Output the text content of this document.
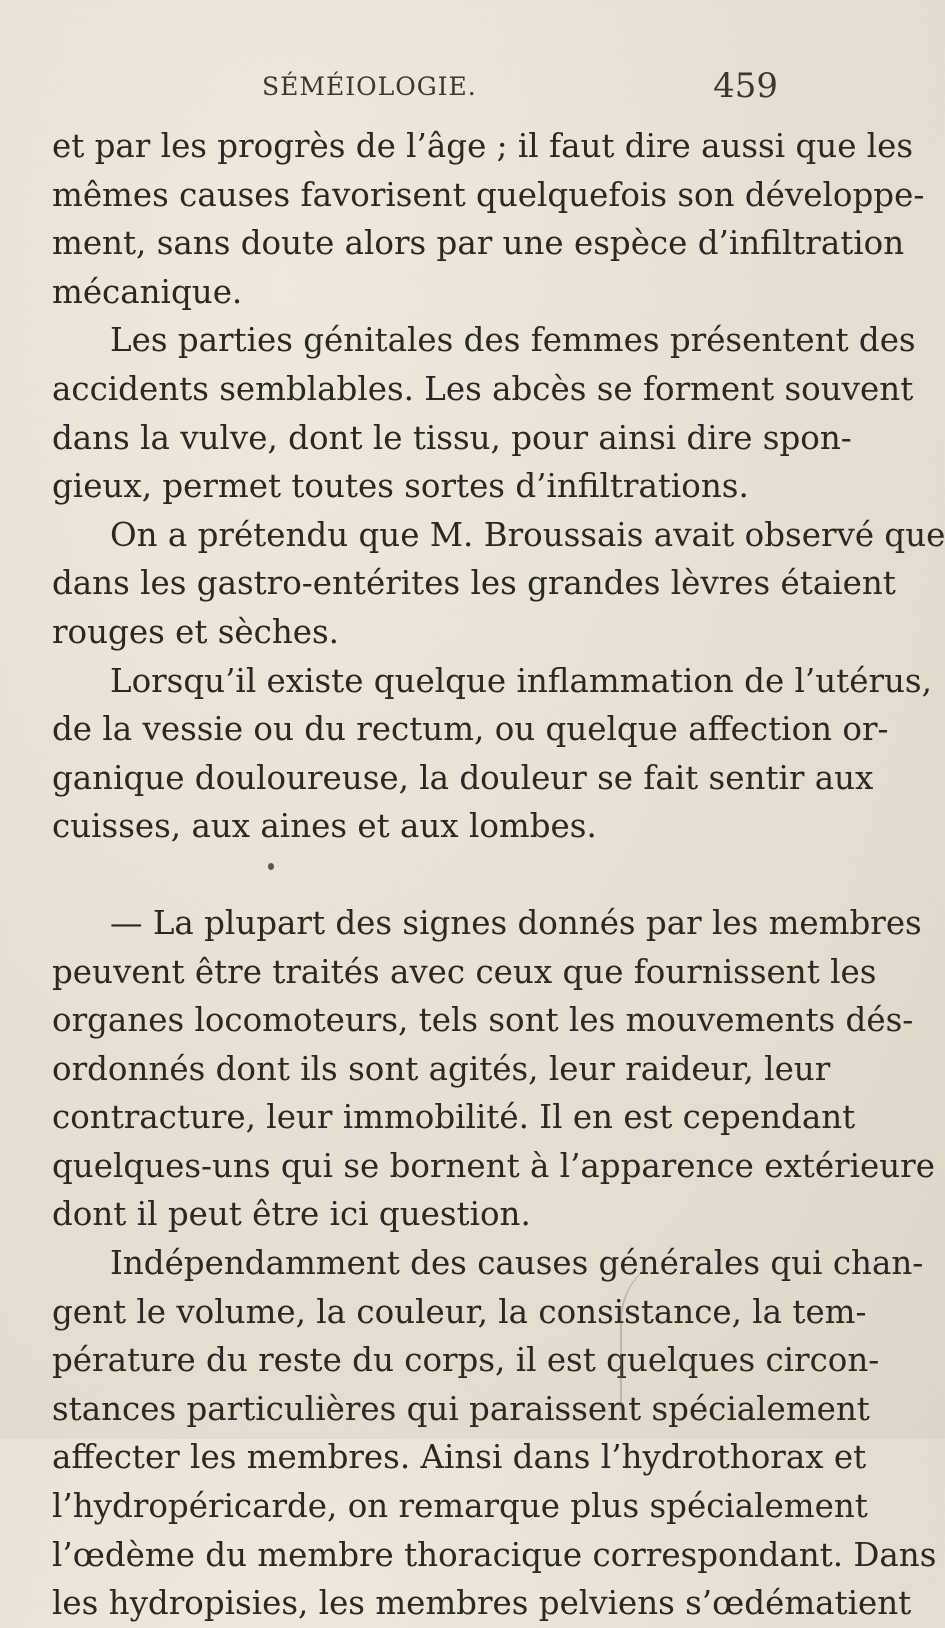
SÉMÉIOLOGIE.	459
et par les progrès de l’âge ; il faut dire aussi que les
mêmes causes favorisent quelquefois son développe-
ment, sans doute alors par une espèce d’infiltration
mécanique.
Les parties génitales des femmes présentent des
accidents semblables. Les abcès se forment souvent
dans la vulve, dont le tissu, pour ainsi dire spon-
gieux, permet toutes sortes d’infiltrations.
On a prétendu que M. Broussais avait observé que
dans les gastro-entérites les grandes lèvres étaient
rouges et sèches.
Lorsqu’il existe quelque inflammation de l’utérus,
de la vessie ou du rectum, ou quelque affection or-
ganique douloureuse, la douleur se fait sentir aux
cuisses, aux aines et aux lombes.
— La plupart des signes donnés par les membres
peuvent être traités avec ceux que fournissent les
organes locomoteurs, tels sont les mouvements dés-
ordonnés dont ils sont agités, leur raideur, leur
contracture, leur immobilité. Il en est cependant
quelques-uns qui se bornent à l’apparence extérieure
dont il peut être ici question.
Indépendamment des causes générales qui chan-
gent le volume, la couleur, la consistance, la tem-
pérature du reste du corps, il est quelques circon-
stances particulières qui paraissent spécialement
affecter les membres. Ainsi dans l’hydrothorax et
l’hydropéricarde, on remarque plus spécialement
l’œdème du membre thoracique correspondant. Dans
les hydropisies, les membres pelviens s’œdématient
